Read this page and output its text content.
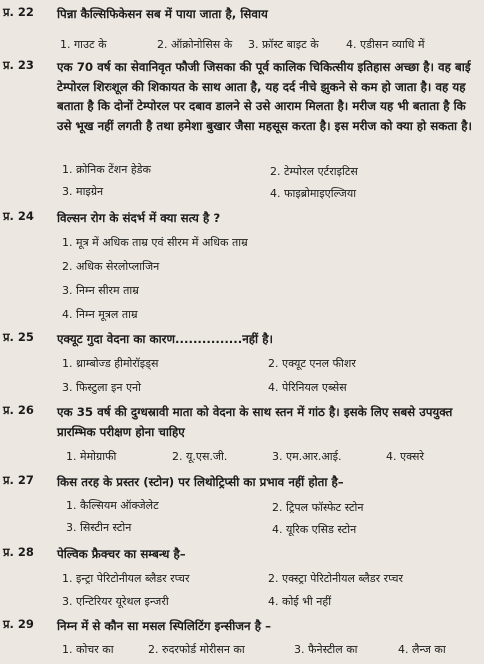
प्र. 22 पिन्ना कैल्सिफिकेसन सब में पाया जाता है, सिवाय
1. गाउट के	2. ऑक्रोनोसिस के 3. फ्रॉस्ट बाइट के 4. एडीसन व्याधि में
प्र. 23 एक 70 वर्ष का सेवानिवृत फौजी जिसका की पूर्व कालिक चिकित्सीय इतिहास अच्छा है। वह बाई टेम्पोरल शिरःशूल की शिकायत के साथ आता है, यह दर्द नीचे झुकने से कम हो जाता है। वह यह बताता है कि दोनों टेम्पोरल पर दबाव डालने से उसे आराम मिलता है। मरीज यह भी बताता है कि उसे भूख नहीं लगती है तथा हमेशा बुखार जैसा महसूस करता है। इस मरीज को क्या हो सकता है।
1. क्रोनिक टेंशन हेडेक	2. टेम्पोरल एर्टराइटिस
3. माइग्रेन	4. फाइब्रोमाइएल्जिया
प्र. 24 विल्सन रोग के संदर्भ में क्या सत्य है ?
1. मूत्र में अधिक ताम्र एवं सीरम में अधिक ताम्र
2. अधिक सेरलोप्लाजिन
3. निम्न सीरम ताम्र
4. निम्न मूत्रल ताम्र
प्र. 25 एक्यूट गुदा वेदना का कारण...............नहीं है।
1. थ्राम्बोज्ड हीमोरॉइड्स	2. एक्यूट एनल फीशर
3. फिस्टुला इन एनो	4. पेरिनियल एब्सेस
प्र. 26 एक 35 वर्ष की दुग्धस्रावी माता को वेदना के साथ स्तन में गांठ है। इसके लिए सबसे उपयुक्त प्रारम्भिक परीक्षण होना चाहिए
1. मेमोग्राफी	2. यू.एस.जी.	3. एम.आर.आई.	4. एक्सरे
प्र. 27 किस तरह के प्रस्तर (स्टोन) पर लिथोट्रिप्सी का प्रभाव नहीं होता है–
1. कैल्सियम ऑक्जेलेट	2. ट्रिपल फॉस्फेट स्टोन
3. सिस्टीन स्टोन	4. यूरिक एसिड स्टोन
प्र. 28 पेल्विक फ्रैक्चर का सम्बन्ध है–
1. इन्ट्रा पेरिटोनीयल ब्लैडर रप्चर	2. एक्स्ट्रा पेरिटोनीयल ब्लैडर रप्चर
3. एन्टिरियर यूरेथल इन्जरी	4. कोई भी नहीं
प्र. 29 निम्न में से कौन सा मसल स्पिलिटिंग इन्सीजन है –
1. कोचर का	2. रुदरफोर्ड मोरीसन का	3. फैनेस्टील का	4. लैन्ज का
